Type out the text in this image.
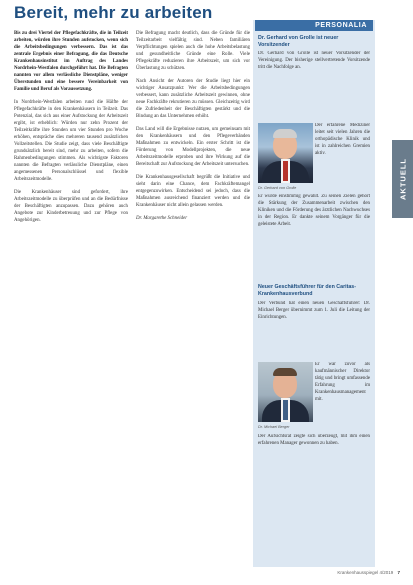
Bereit, mehr zu arbeiten

Bis zu drei Viertel der Pflegefachkräfte, die in Teilzeit arbeiten, würden ihre Stunden aufstocken, wenn sich die Arbeitsbedingungen verbessern. Das ist das zentrale Ergebnis einer Befragung, die das Deutsche Krankenhausinstitut im Auftrag des Landes Nordrhein-Westfalen durchgeführt hat. Die Befragten nannten vor allem verlässliche Dienstpläne, weniger Überstunden und eine bessere Vereinbarkeit von Familie und Beruf als Voraussetzung.

In Nordrhein-Westfalen arbeiten rund die Hälfte der Pflegefachkräfte in den Krankenhäusern in Teilzeit. Das Potenzial, das sich aus einer Aufstockung der Arbeitszeit ergibt, ist erheblich: Würden nur zehn Prozent der Teilzeitkräfte ihre Stunden um vier Stunden pro Woche erhöhen, entspräche dies mehreren tausend zusätzlichen Vollzeitstellen. Die Studie zeigt, dass viele Beschäftigte grundsätzlich bereit sind, mehr zu arbeiten, sofern die Rahmenbedingungen stimmen. Als wichtigste Faktoren nannten die Befragten verlässliche Dienstpläne, einen angemessenen Personalschlüssel und flexible Arbeitszeitmodelle.

Die Krankenhäuser sind gefordert, ihre Arbeitszeitmodelle zu überprüfen und an die Bedürfnisse der Beschäftigten anzupassen. Dazu gehören auch Angebote zur Kinderbetreuung und zur Pflege von Angehörigen.

Die Befragung macht deutlich, dass die Gründe für die Teilzeitarbeit vielfältig sind. Neben familiären Verpflichtungen spielen auch die hohe Arbeitsbelastung und gesundheitliche Gründe eine Rolle. Viele Pflegekräfte reduzieren ihre Arbeitszeit, um sich vor Überlastung zu schützen.

Nach Ansicht der Autoren der Studie liegt hier ein wichtiger Ansatzpunkt: Wer die Arbeitsbedingungen verbessert, kann zusätzliche Arbeitszeit gewinnen, ohne neue Fachkräfte rekrutieren zu müssen. Gleichzeitig wird die Zufriedenheit der Beschäftigten gestärkt und die Bindung an das Unternehmen erhöht.

Das Land will die Ergebnisse nutzen, um gemeinsam mit den Krankenhäusern und den Pflegeverbänden Maßnahmen zu entwickeln. Ein erster Schritt ist die Förderung von Modellprojekten, die neue Arbeitszeitmodelle erproben und ihre Wirkung auf die Bereitschaft zur Aufstockung der Arbeitszeit untersuchen.

Die Krankenhausgesellschaft begrüßt die Initiative und sieht darin eine Chance, dem Fachkräftemangel entgegenzuwirken. Entscheidend sei jedoch, dass die Maßnahmen ausreichend finanziert werden und die Krankenhäuser nicht allein gelassen werden.

Dr. Margarethe Schneider

PERSONALIA
Dr. Gerhard von Grolle ist neuer Vorsitzender
Dr. Gerhard von Grolle ist neuer Vorsitzender der Vereinigung. Der bisherige stellvertretende Vorsitzende tritt die Nachfolge an.
Dr. Gerhard von Grolle
Der erfahrene Mediziner leitet seit vielen Jahren die orthopädische Klinik und ist in zahlreichen Gremien aktiv.
Er wurde einstimmig gewählt. Zu seinen Zielen gehört die Stärkung der Zusammenarbeit zwischen den Kliniken und die Förderung des ärztlichen Nachwuchses in der Region. Er dankte seinem Vorgänger für die geleistete Arbeit.
Neuer Geschäftsführer für den Caritas-Krankenhausverbund
Der Verbund hat einen neuen Geschäftsführer: Dr. Michael Berger übernimmt zum 1. Juli die Leitung der Einrichtungen.
Dr. Michael Berger
Er war zuvor als kaufmännischer Direktor tätig und bringt umfassende Erfahrung im Krankenhausmanagement mit.
Der Aufsichtsrat zeigte sich überzeugt, mit ihm einen erfahrenen Manager gewonnen zu haben.
AKTUELL
Krankenhausspiegel 4/2019 7
